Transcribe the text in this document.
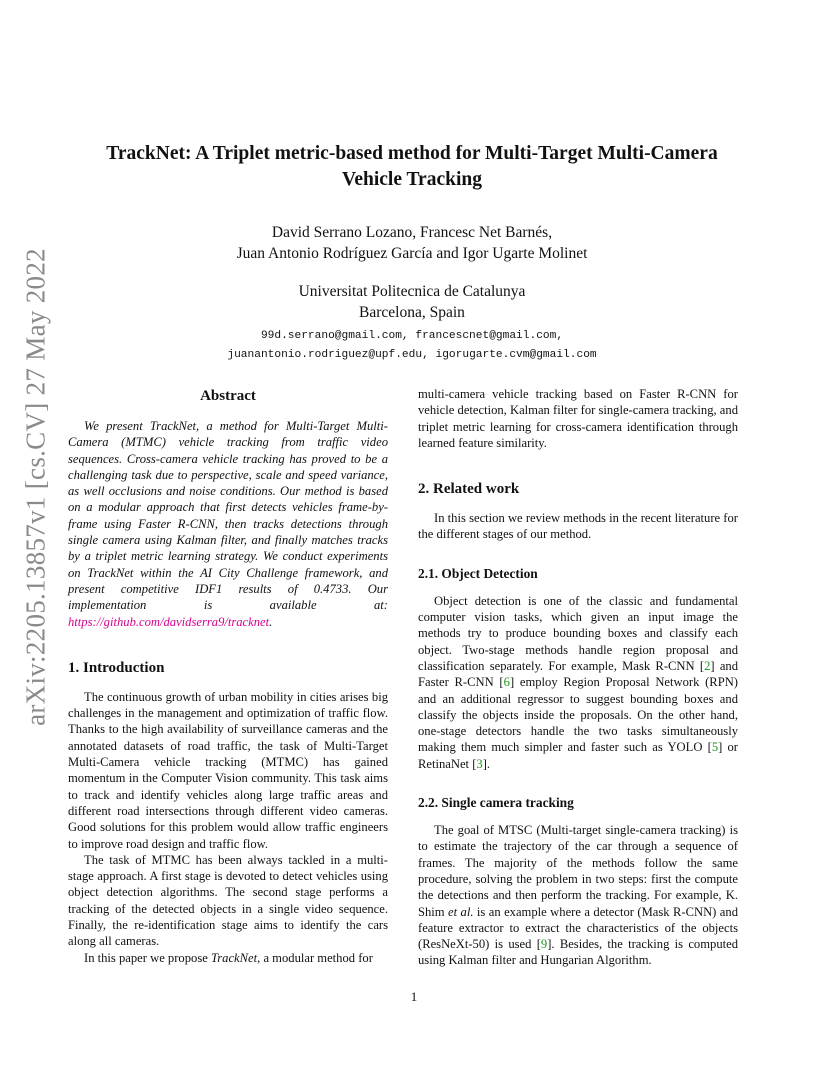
arXiv:2205.13857v1 [cs.CV] 27 May 2022
TrackNet: A Triplet metric-based method for Multi-Target Multi-Camera
Vehicle Tracking
David Serrano Lozano, Francesc Net Barnés,
Juan Antonio Rodríguez García and Igor Ugarte Molinet
Universitat Politecnica de Catalunya
Barcelona, Spain
99d.serrano@gmail.com, francescnet@gmail.com,
juanantonio.rodriguez@upf.edu, igorugarte.cvm@gmail.com
Abstract

We present TrackNet, a method for Multi-Target Multi-Camera (MTMC) vehicle tracking from traffic video sequences. Cross-camera vehicle tracking has proved to be a challenging task due to perspective, scale and speed variance, as well occlusions and noise conditions. Our method is based on a modular approach that first detects vehicles frame-by-frame using Faster R-CNN, then tracks detections through single camera using Kalman filter, and finally matches tracks by a triplet metric learning strategy. We conduct experiments on TrackNet within the AI City Challenge framework, and present competitive IDF1 results of 0.4733. Our implementation is available at: https://github.com/davidserra9/tracknet.

1. Introduction

The continuous growth of urban mobility in cities arises big challenges in the management and optimization of traffic flow. Thanks to the high availability of surveillance cameras and the annotated datasets of road traffic, the task of Multi-Target Multi-Camera vehicle tracking (MTMC) has gained momentum in the Computer Vision community. This task aims to track and identify vehicles along large traffic areas and different road intersections through different video cameras. Good solutions for this problem would allow traffic engineers to improve road design and traffic flow.

The task of MTMC has been always tackled in a multi-stage approach. A first stage is devoted to detect vehicles using object detection algorithms. The second stage performs a tracking of the detected objects in a single video sequence. Finally, the re-identification stage aims to identify the cars along all cameras.

In this paper we propose TrackNet, a modular method for

multi-camera vehicle tracking based on Faster R-CNN for vehicle detection, Kalman filter for single-camera tracking, and triplet metric learning for cross-camera identification through learned feature similarity.

2. Related work

In this section we review methods in the recent literature for the different stages of our method.

2.1. Object Detection

Object detection is one of the classic and fundamental computer vision tasks, which given an input image the methods try to produce bounding boxes and classify each object. Two-stage methods handle region proposal and classification separately. For example, Mask R-CNN [2] and Faster R-CNN [6] employ Region Proposal Network (RPN) and an additional regressor to suggest bounding boxes and classify the objects inside the proposals. On the other hand, one-stage detectors handle the two tasks simultaneously making them much simpler and faster such as YOLO [5] or RetinaNet [3].

2.2. Single camera tracking

The goal of MTSC (Multi-target single-camera tracking) is to estimate the trajectory of the car through a sequence of frames. The majority of the methods follow the same procedure, solving the problem in two steps: first the compute the detections and then perform the tracking. For example, K. Shim et al. is an example where a detector (Mask R-CNN) and feature extractor to extract the characteristics of the objects (ResNeXt-50) is used [9]. Besides, the tracking is computed using Kalman filter and Hungarian Algorithm.

1
